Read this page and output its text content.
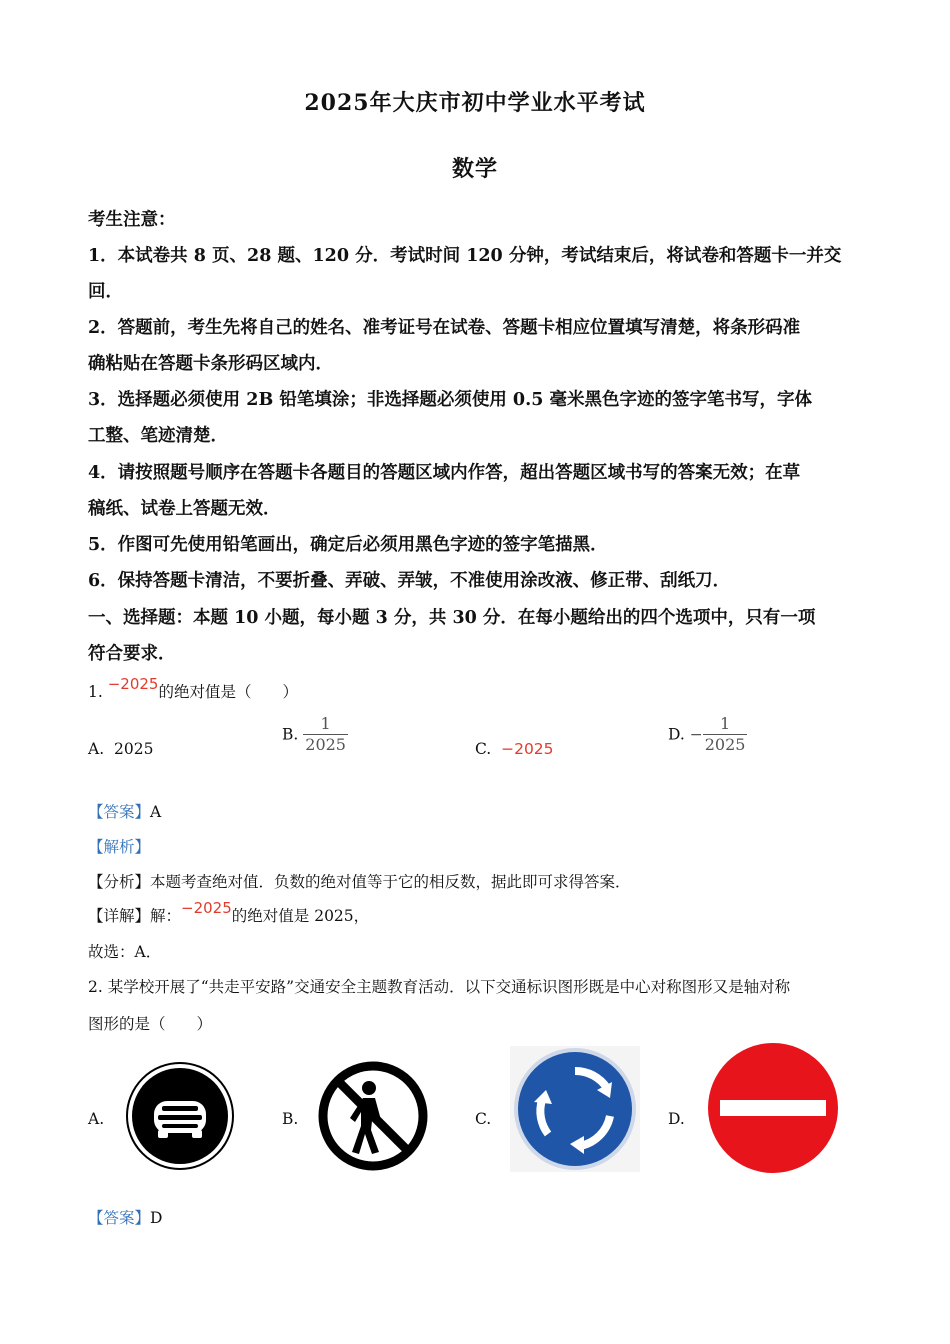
2025年大庆市初中学业水平考试
数学
考生注意：
1．本试卷共 8 页、28 题、120 分．考试时间 120 分钟，考试结束后，将试卷和答题卡一并交
回．
2．答题前，考生先将自己的姓名、准考证号在试卷、答题卡相应位置填写清楚，将条形码准
确粘贴在答题卡条形码区域内．
3．选择题必须使用 2B 铅笔填涂；非选择题必须使用 0.5 毫米黑色字迹的签字笔书写，字体
工整、笔迹清楚．
4．请按照题号顺序在答题卡各题目的答题区域内作答，超出答题区域书写的答案无效；在草
稿纸、试卷上答题无效．
5．作图可先使用铅笔画出，确定后必须用黑色字迹的签字笔描黑．
6．保持答题卡清洁，不要折叠、弄破、弄皱，不准使用涂改液、修正带、刮纸刀．
一、选择题：本题 10 小题，每小题 3 分，共 30 分．在每小题给出的四个选项中，只有一项
符合要求．
1. −2025的绝对值是（　　）
A. 2025
B. $\frac{1}{2025}$	C. −2025
D. − $\frac{1}{2025}$
【答案】A
【解析】
【分析】本题考查绝对值．负数的绝对值等于它的相反数，据此即可求得答案．
【详解】解：−2025的绝对值是 2025，
故选：A．
2. 某学校开展了“共走平安路”交通安全主题教育活动．以下交通标识图形既是中心对称图形又是轴对称
图形的是（　　）
A.	B.	C.	D.
【答案】D
